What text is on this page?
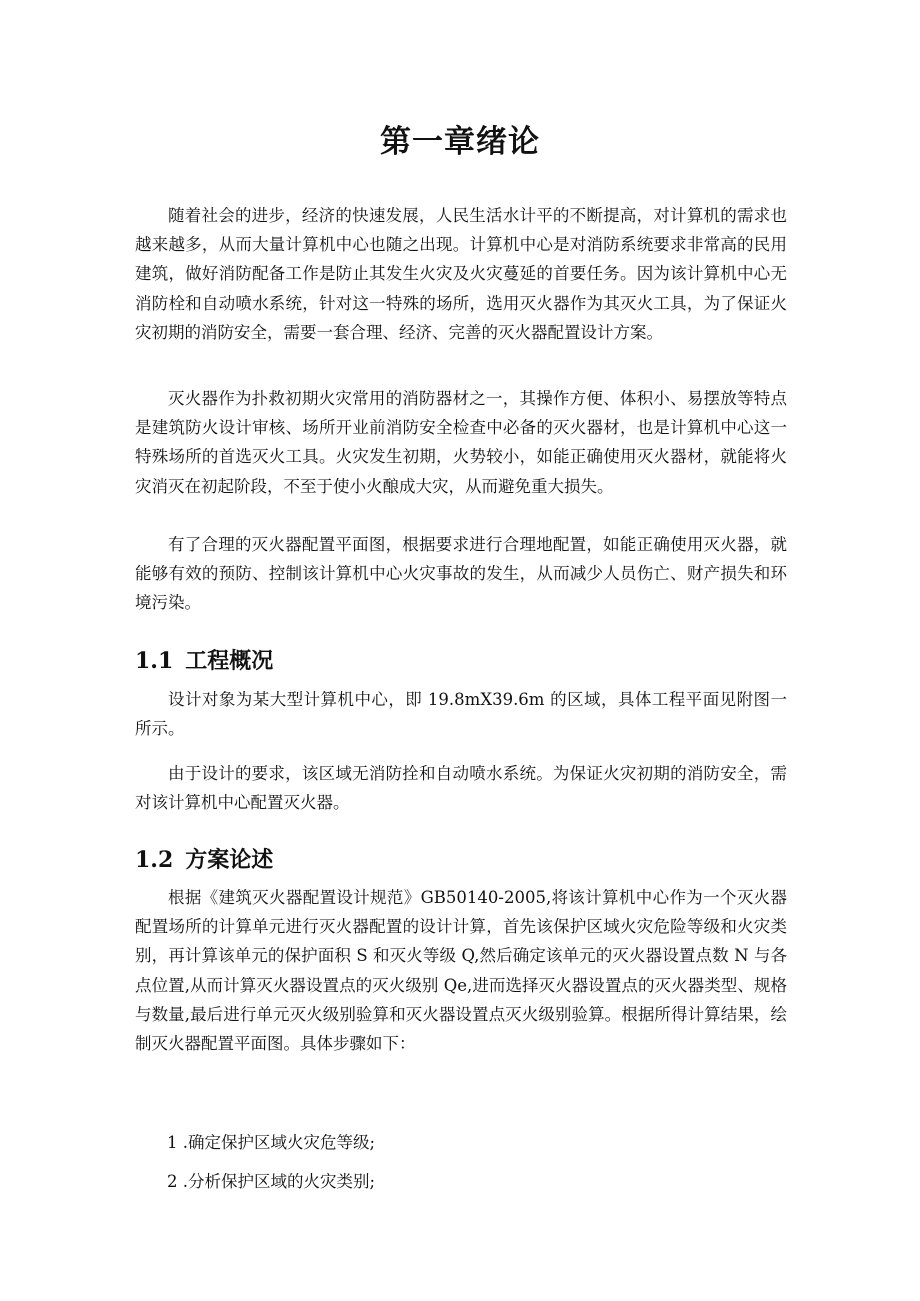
第一章绪论

随着社会的进步，经济的快速发展，人民生活水计平的不断提高，对计算机的需求也越来越多，从而大量计算机中心也随之出现。计算机中心是对消防系统要求非常高的民用建筑，做好消防配备工作是防止其发生火灾及火灾蔓延的首要任务。因为该计算机中心无消防栓和自动喷水系统，针对这一特殊的场所，选用灭火器作为其灭火工具，为了保证火灾初期的消防安全，需要一套合理、经济、完善的灭火器配置设计方案。

灭火器作为扑救初期火灾常用的消防器材之一，其操作方便、体积小、易摆放等特点是建筑防火设计审核、场所开业前消防安全检查中必备的灭火器材，也是计算机中心这一特殊场所的首选灭火工具。火灾发生初期，火势较小，如能正确使用灭火器材，就能将火灾消灭在初起阶段，不至于使小火酿成大灾，从而避免重大损失。

有了合理的灭火器配置平面图，根据要求进行合理地配置，如能正确使用灭火器，就能够有效的预防、控制该计算机中心火灾事故的发生，从而减少人员伤亡、财产损失和环境污染。

1.1 工程概况

设计对象为某大型计算机中心，即 19.8mX39.6m 的区域，具体工程平面见附图一所示。

由于设计的要求，该区域无消防拴和自动喷水系统。为保证火灾初期的消防安全，需对该计算机中心配置灭火器。

1.2 方案论述

根据《建筑灭火器配置设计规范》GB50140-2005,将该计算机中心作为一个灭火器配置场所的计算单元进行灭火器配置的设计计算，首先该保护区域火灾危险等级和火灾类别，再计算该单元的保护面积 S 和灭火等级 Q,然后确定该单元的灭火器设置点数 N 与各点位置,从而计算灭火器设置点的灭火级别 Qe,进而选择灭火器设置点的灭火器类型、规格与数量,最后进行单元灭火级别验算和灭火器设置点灭火级别验算。根据所得计算结果，绘制灭火器配置平面图。具体步骤如下：

1 .确定保护区域火灾危等级;

2 .分析保护区域的火灾类别;
